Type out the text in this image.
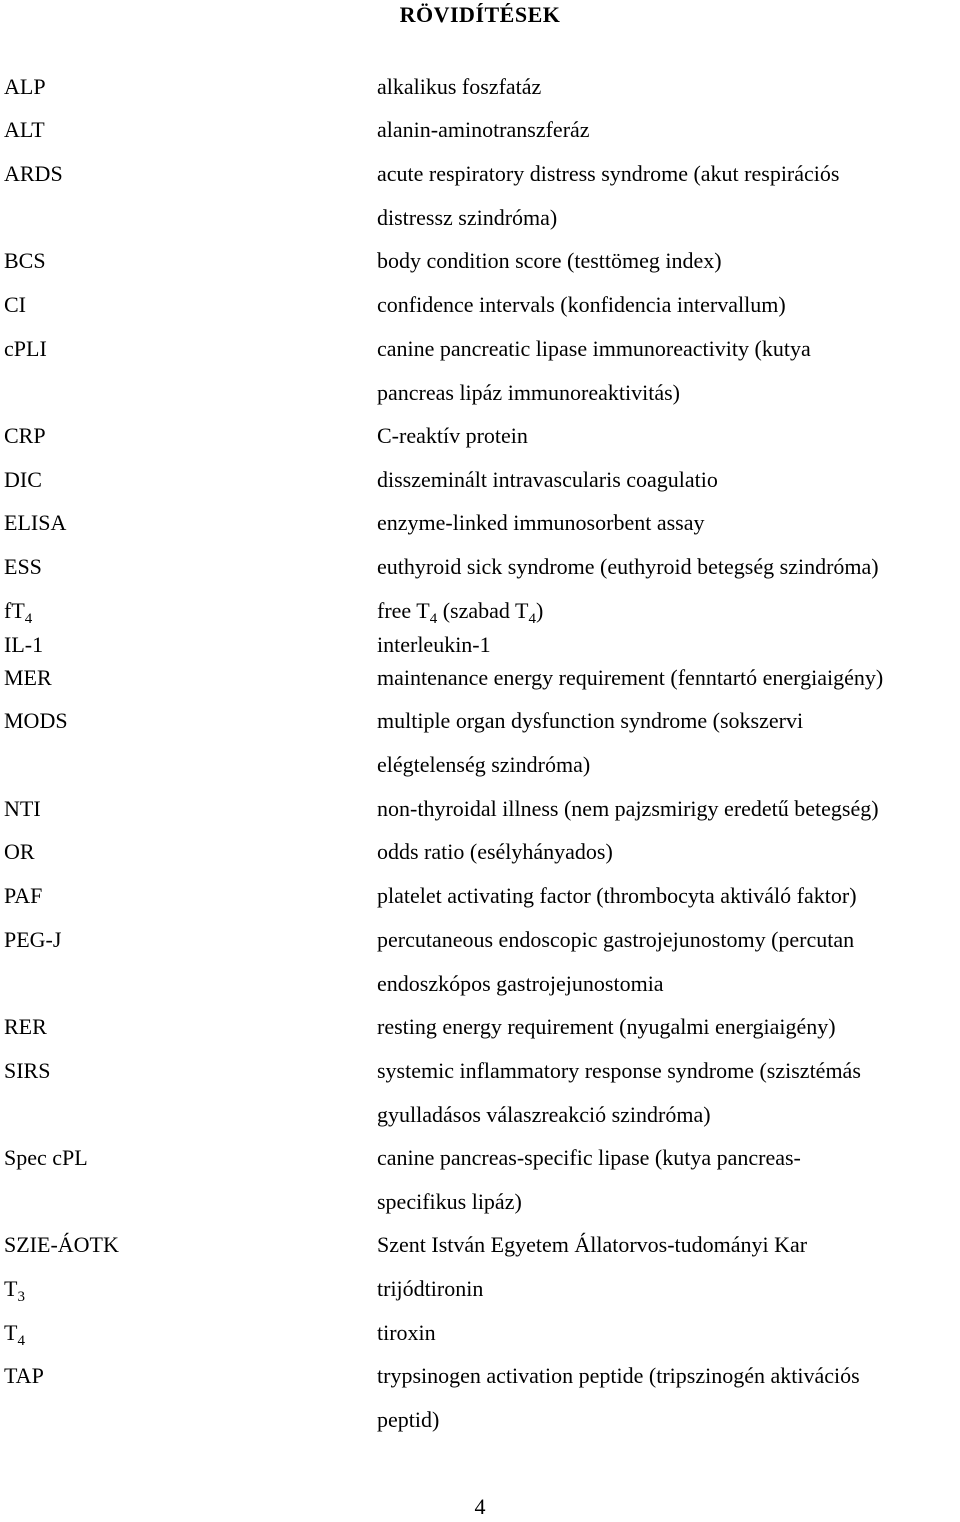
RÖVIDÍTÉSEK
ALP	alkalikus foszfatáz
ALT	alanin-aminotranszferáz
ARDS	acute respiratory distress syndrome (akut respirációs
distressz szindróma)
BCS	body condition score (testtömeg index)
CI	confidence intervals (konfidencia intervallum)
cPLI	canine pancreatic lipase immunoreactivity (kutya
pancreas lipáz immunoreaktivitás)
CRP	C-reaktív protein
DIC	disszeminált intravascularis coagulatio
ELISA	enzyme-linked immunosorbent assay
ESS	euthyroid sick syndrome (euthyroid betegség szindróma)
$fT_4$	free $T_4$ (szabad $T_4$)
IL-1	interleukin-1
MER	maintenance energy requirement (fenntartó energiaigény)
MODS	multiple organ dysfunction syndrome (sokszervi
elégtelenség szindróma)
NTI	non-thyroidal illness (nem pajzsmirigy eredetű betegség)
OR	odds ratio (esélyhányados)
PAF	platelet activating factor (thrombocyta aktiváló faktor)
PEG-J	percutaneous endoscopic gastrojejunostomy (percutan
endoszkópos gastrojejunostomia
RER	resting energy requirement (nyugalmi energiaigény)
SIRS	systemic inflammatory response syndrome (szisztémás
gyulladásos válaszreakció szindróma)
Spec cPL	canine pancreas-specific lipase (kutya pancreas-
specifikus lipáz)
SZIE-ÁOTK	Szent István Egyetem Állatorvos-tudományi Kar
$T_3$	trijódtironin
$T_4$	tiroxin
TAP	trypsinogen activation peptide (tripszinogén aktivációs
peptid)
4
